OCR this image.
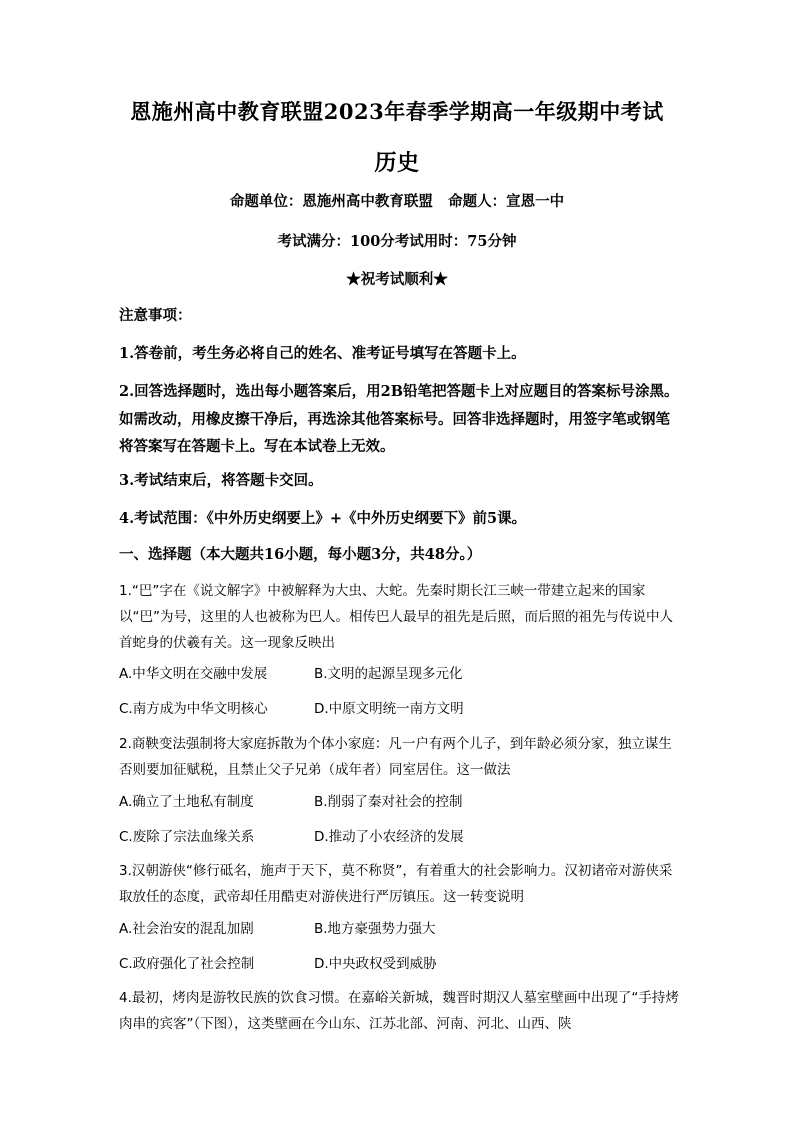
恩施州高中教育联盟2023年春季学期高一年级期中考试
历史
命题单位：恩施州高中教育联盟   命题人：宣恩一中
考试满分：100分考试用时：75分钟
★祝考试顺利★
注意事项：
1.答卷前，考生务必将自己的姓名、准考证号填写在答题卡上。
2.回答选择题时，选出每小题答案后，用2B铅笔把答题卡上对应题目的答案标号涂黑。如需改动，用橡皮擦干净后，再选涂其他答案标号。回答非选择题时，用签字笔或钢笔将答案写在答题卡上。写在本试卷上无效。
3.考试结束后，将答题卡交回。
4.考试范围：《中外历史纲要上》+《中外历史纲要下》前5课。
一、选择题（本大题共16小题，每小题3分，共48分。）
1.“巴”字在《说文解字》中被解释为大虫、大蛇。先秦时期长江三峡一带建立起来的国家以“巴”为号，这里的人也被称为巴人。相传巴人最早的祖先是后照，而后照的祖先与传说中人首蛇身的伏羲有关。这一现象反映出
A.中华文明在交融中发展	B.文明的起源呈现多元化
C.南方成为中华文明核心	D.中原文明统一南方文明
2.商鞅变法强制将大家庭拆散为个体小家庭：凡一户有两个儿子，到年龄必须分家，独立谋生否则要加征赋税，且禁止父子兄弟（成年者）同室居住。这一做法
A.确立了土地私有制度	B.削弱了秦对社会的控制
C.废除了宗法血缘关系	D.推动了小农经济的发展
3.汉朝游侠“修行砥名，施声于天下，莫不称贤”，有着重大的社会影响力。汉初诸帝对游侠采取放任的态度，武帝却任用酷吏对游侠进行严厉镇压。这一转变说明
A.社会治安的混乱加剧	B.地方豪强势力强大
C.政府强化了社会控制	D.中央政权受到威胁
4.最初，烤肉是游牧民族的饮食习惯。在嘉峪关新城，魏晋时期汉人墓室壁画中出现了“手持烤肉串的宾客”（下图），这类壁画在今山东、江苏北部、河南、河北、山西、陕
